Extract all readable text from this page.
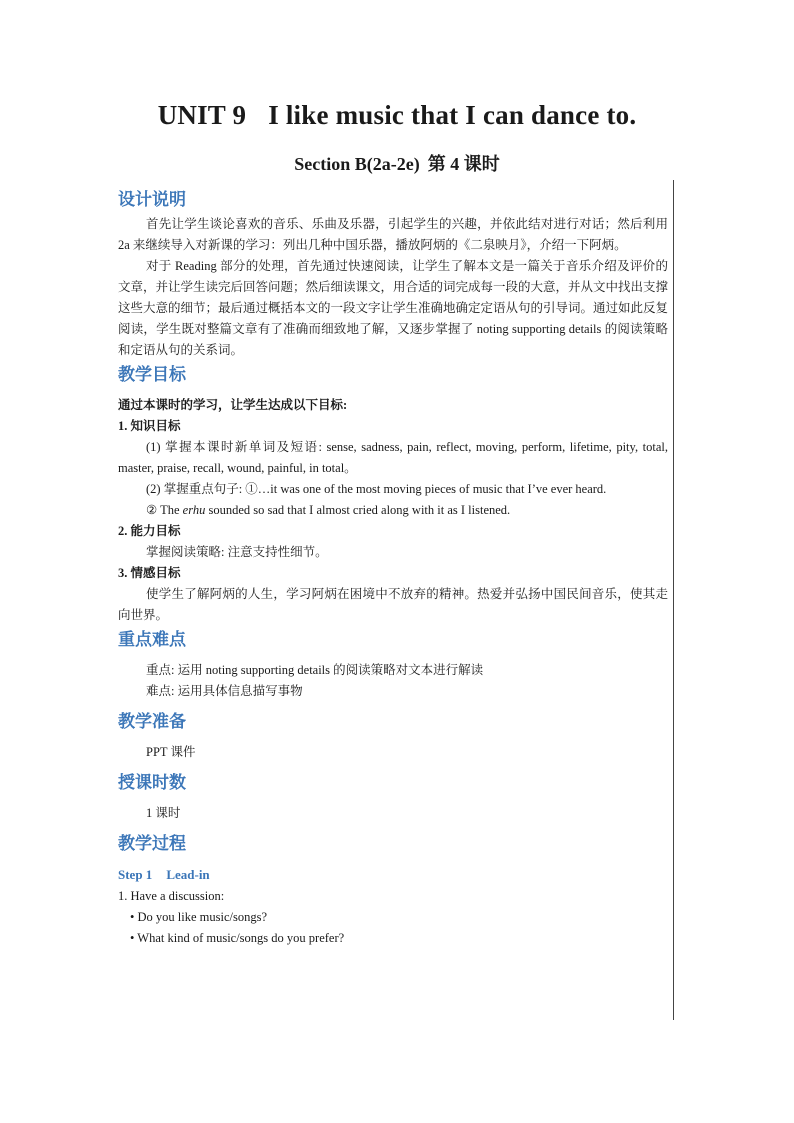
UNIT 9 I like music that I can dance to.
Section B(2a-2e) 第 4 课时
设计说明

首先让学生谈论喜欢的音乐、乐曲及乐器，引起学生的兴趣，并依此结对进行对话；然后利用 2a 来继续导入对新课的学习：列出几种中国乐器，播放阿炳的《二泉映月》，介绍一下阿炳。

对于 Reading 部分的处理，首先通过快速阅读，让学生了解本文是一篇关于音乐介绍及评价的文章，并让学生读完后回答问题；然后细读课文，用合适的词完成每一段的大意，并从文中找出支撑这些大意的细节；最后通过概括本文的一段文字让学生准确地确定定语从句的引导词。通过如此反复阅读，学生既对整篇文章有了准确而细致地了解，又逐步掌握了 noting supporting details 的阅读策略和定语从句的关系词。

教学目标

通过本课时的学习，让学生达成以下目标:

1. 知识目标

(1) 掌握本课时新单词及短语: sense, sadness, pain, reflect, moving, perform, lifetime, pity, total, master, praise, recall, wound, painful, in total。

(2) 掌握重点句子: ①…it was one of the most moving pieces of music that I’ve ever heard.

② The erhu sounded so sad that I almost cried along with it as I listened.

2. 能力目标

掌握阅读策略: 注意支持性细节。

3. 情感目标

使学生了解阿炳的人生，学习阿炳在困境中不放弃的精神。热爱并弘扬中国民间音乐，使其走向世界。

重点难点

重点: 运用 noting supporting details 的阅读策略对文本进行解读

难点: 运用具体信息描写事物

教学准备

PPT 课件

授课时数

1 课时

教学过程

Step 1 Lead-in

1. Have a discussion:

• Do you like music/songs?

• What kind of music/songs do you prefer?
